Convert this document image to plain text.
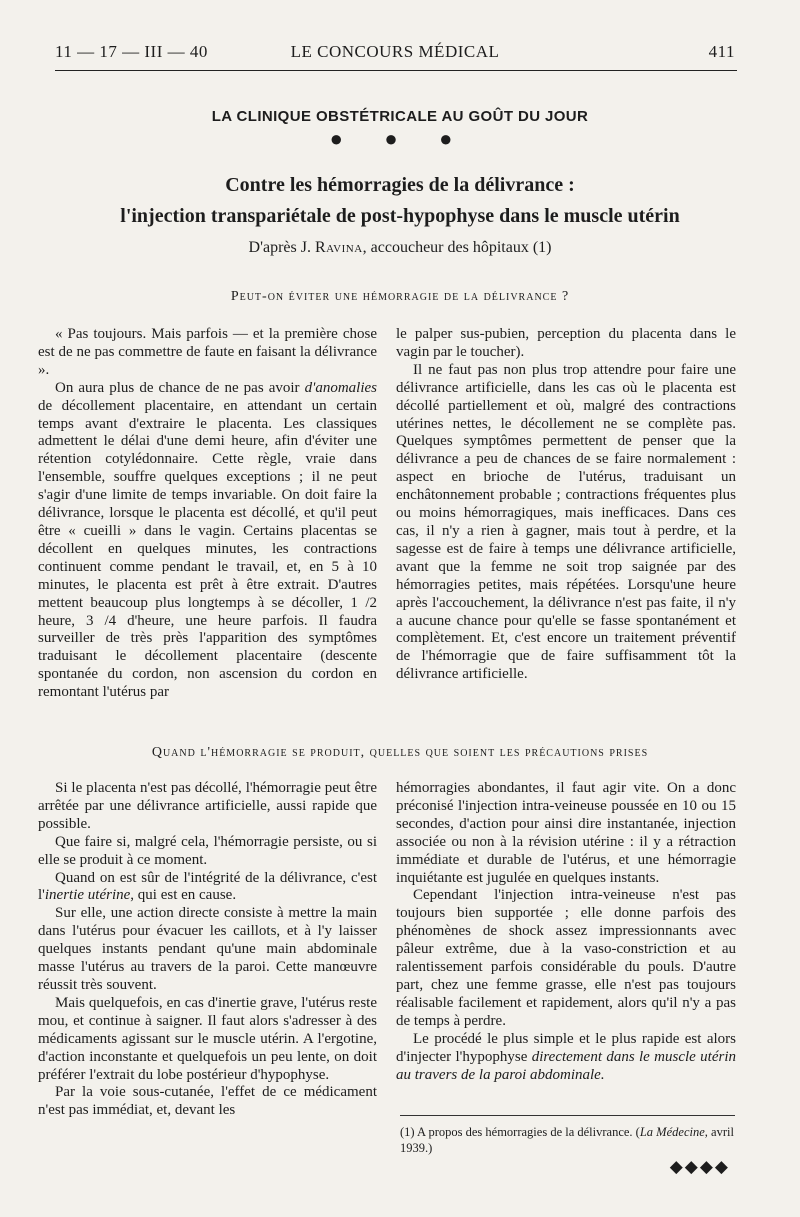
11 — 17 — III — 40	LE CONCOURS MÉDICAL	411
LA CLINIQUE OBSTÉTRICALE AU GOÛT DU JOUR
● ● ●
Contre les hémorragies de la délivrance :
l'injection transpariétale de post-hypophyse dans le muscle utérin
D'après J. Ravina, accoucheur des hôpitaux (1)
Peut-on éviter une hémorragie de la délivrance ?

« Pas toujours. Mais parfois — et la première chose est de ne pas commettre de faute en faisant la délivrance ».

On aura plus de chance de ne pas avoir d'anomalies de décollement placentaire, en attendant un certain temps avant d'extraire le placenta. Les classiques admettent le délai d'une demi heure, afin d'éviter une rétention cotylédonnaire. Cette règle, vraie dans l'ensemble, souffre quelques exceptions ; il ne peut s'agir d'une limite de temps invariable. On doit faire la délivrance, lorsque le placenta est décollé, et qu'il peut être « cueilli » dans le vagin. Certains placentas se décollent en quelques minutes, les contractions continuent comme pendant le travail, et, en 5 à 10 minutes, le placenta est prêt à être extrait. D'autres mettent beaucoup plus longtemps à se décoller, 1 /2 heure, 3 /4 d'heure, une heure parfois. Il faudra surveiller de très près l'apparition des symptômes traduisant le décollement placentaire (descente spontanée du cordon, non ascension du cordon en remontant l'utérus par

le palper sus-pubien, perception du placenta dans le vagin par le toucher).

Il ne faut pas non plus trop attendre pour faire une délivrance artificielle, dans les cas où le placenta est décollé partiellement et où, malgré des contractions utérines nettes, le décollement ne se complète pas. Quelques symptômes permettent de penser que la délivrance a peu de chances de se faire normalement : aspect en brioche de l'utérus, traduisant un enchâtonnement probable ; contractions fréquentes plus ou moins hémorragiques, mais inefficaces. Dans ces cas, il n'y a rien à gagner, mais tout à perdre, et la sagesse est de faire à temps une délivrance artificielle, avant que la femme ne soit trop saignée par des hémorragies petites, mais répétées. Lorsqu'une heure après l'accouchement, la délivrance n'est pas faite, il n'y a aucune chance pour qu'elle se fasse spontanément et complètement. Et, c'est encore un traitement préventif de l'hémorragie que de faire suffisamment tôt la délivrance artificielle.

Quand l'hémorragie se produit, quelles que soient les précautions prises

Si le placenta n'est pas décollé, l'hémorragie peut être arrêtée par une délivrance artificielle, aussi rapide que possible.

Que faire si, malgré cela, l'hémorragie persiste, ou si elle se produit à ce moment.

Quand on est sûr de l'intégrité de la délivrance, c'est l'inertie utérine, qui est en cause.

Sur elle, une action directe consiste à mettre la main dans l'utérus pour évacuer les caillots, et à l'y laisser quelques instants pendant qu'une main abdominale masse l'utérus au travers de la paroi. Cette manœuvre réussit très souvent.

Mais quelquefois, en cas d'inertie grave, l'utérus reste mou, et continue à saigner. Il faut alors s'adresser à des médicaments agissant sur le muscle utérin. A l'ergotine, d'action inconstante et quelquefois un peu lente, on doit préférer l'extrait du lobe postérieur d'hypophyse.

Par la voie sous-cutanée, l'effet de ce médicament n'est pas immédiat, et, devant les

hémorragies abondantes, il faut agir vite. On a donc préconisé l'injection intra-veineuse poussée en 10 ou 15 secondes, d'action pour ainsi dire instantanée, injection associée ou non à la révision utérine : il y a rétraction immédiate et durable de l'utérus, et une hémorragie inquiétante est jugulée en quelques instants.

Cependant l'injection intra-veineuse n'est pas toujours bien supportée ; elle donne parfois des phénomènes de shock assez impressionnants avec pâleur extrême, due à la vaso-constriction et au ralentissement parfois considérable du pouls. D'autre part, chez une femme grasse, elle n'est pas toujours réalisable facilement et rapidement, alors qu'il n'y a pas de temps à perdre.

Le procédé le plus simple et le plus rapide est alors d'injecter l'hypophyse directement dans le muscle utérin au travers de la paroi abdominale.

(1) A propos des hémorragies de la délivrance. (La Médecine, avril 1939.)
◆◆◆◆
